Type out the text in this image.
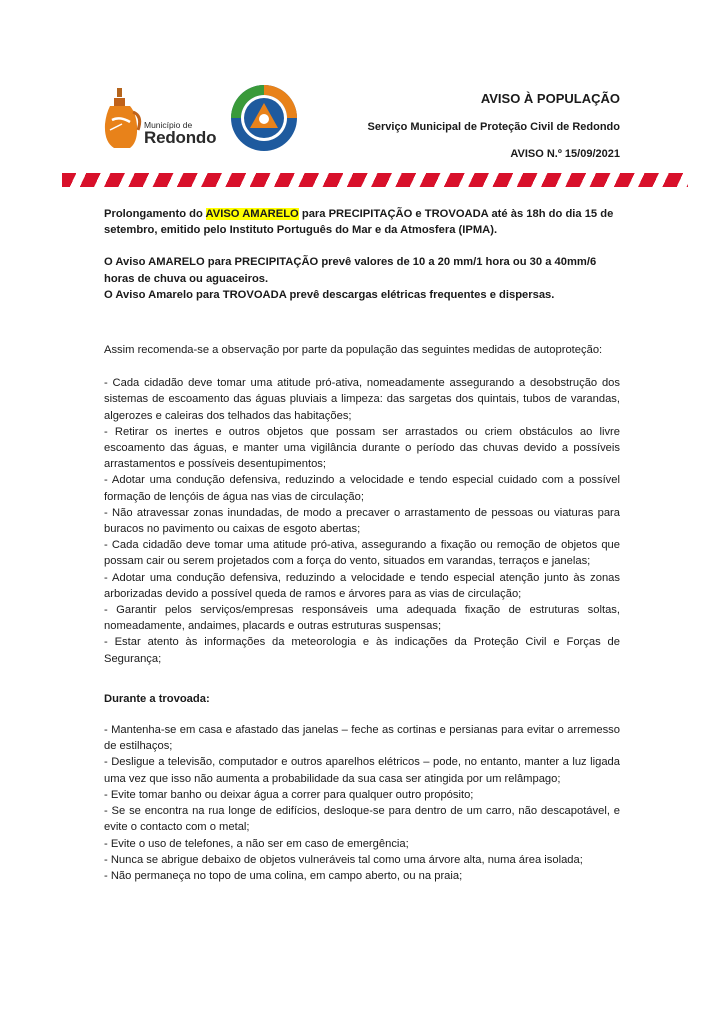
Município de
Redondo
AVISO À POPULAÇÃO
Serviço Municipal de Proteção Civil de Redondo
AVISO N.º 15/09/2021

Prolongamento do AVISO AMARELO para PRECIPITAÇÃO e TROVOADA até às 18h do dia 15 de setembro, emitido pelo Instituto Português do Mar e da Atmosfera (IPMA).

O Aviso AMARELO para PRECIPITAÇÃO prevê valores de 10 a 20 mm/1 hora ou 30 a 40mm/6 horas de chuva ou aguaceiros.

O Aviso Amarelo para TROVOADA prevê descargas elétricas frequentes e dispersas.

Assim recomenda-se a observação por parte da população das seguintes medidas de autoproteção:

- Cada cidadão deve tomar uma atitude pró-ativa, nomeadamente assegurando a desobstrução dos sistemas de escoamento das águas pluviais a limpeza: das sargetas dos quintais, tubos de varandas, algerozes e caleiras dos telhados das habitações;

- Retirar os inertes e outros objetos que possam ser arrastados ou criem obstáculos ao livre escoamento das águas, e manter uma vigilância durante o período das chuvas devido a possíveis arrastamentos e possíveis desentupimentos;

- Adotar uma condução defensiva, reduzindo a velocidade e tendo especial cuidado com a possível formação de lençóis de água nas vias de circulação;

- Não atravessar zonas inundadas, de modo a precaver o arrastamento de pessoas ou viaturas para buracos no pavimento ou caixas de esgoto abertas;

- Cada cidadão deve tomar uma atitude pró-ativa, assegurando a fixação ou remoção de objetos que possam cair ou serem projetados com a força do vento, situados em varandas, terraços e janelas;

- Adotar uma condução defensiva, reduzindo a velocidade e tendo especial atenção junto às zonas arborizadas devido a possível queda de ramos e árvores para as vias de circulação;

- Garantir pelos serviços/empresas responsáveis uma adequada fixação de estruturas soltas, nomeadamente, andaimes, placards e outras estruturas suspensas;

- Estar atento às informações da meteorologia e às indicações da Proteção Civil e Forças de Segurança;

Durante a trovoada:

- Mantenha-se em casa e afastado das janelas – feche as cortinas e persianas para evitar o arremesso de estilhaços;

- Desligue a televisão, computador e outros aparelhos elétricos – pode, no entanto, manter a luz ligada uma vez que isso não aumenta a probabilidade da sua casa ser atingida por um relâmpago;

- Evite tomar banho ou deixar água a correr para qualquer outro propósito;

- Se se encontra na rua longe de edifícios, desloque-se para dentro de um carro, não descapotável, e evite o contacto com o metal;

- Evite o uso de telefones, a não ser em caso de emergência;

- Nunca se abrigue debaixo de objetos vulneráveis tal como uma árvore alta, numa área isolada;

- Não permaneça no topo de uma colina, em campo aberto, ou na praia;
